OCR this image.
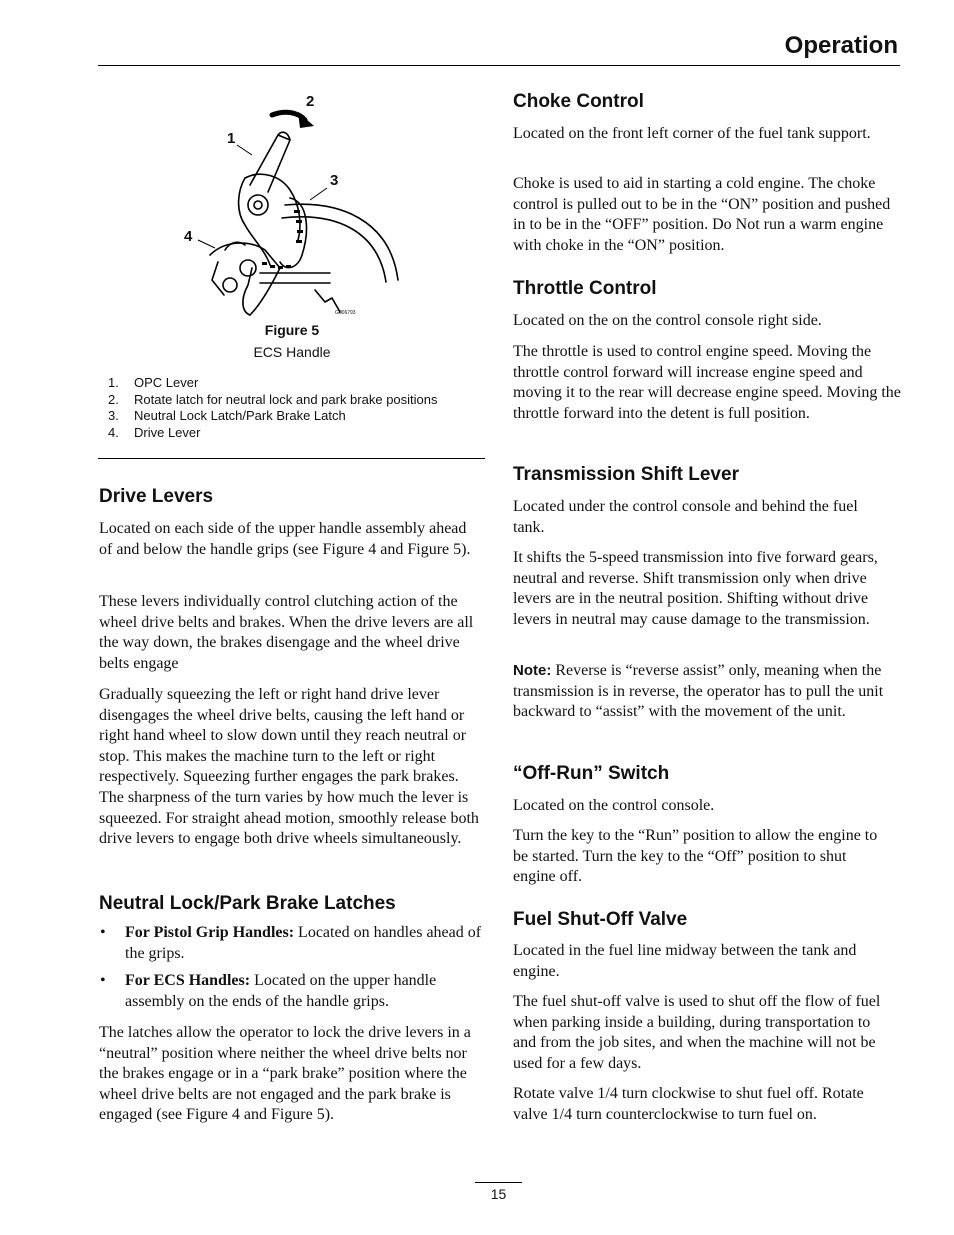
Operation
1
2
3
4
G006793
Figure 5
ECS Handle
1. OPC Lever
2. Rotate latch for neutral lock and park brake positions
3. Neutral Lock Latch/Park Brake Latch
4. Drive Lever
Drive Levers

Located on each side of the upper handle assembly ahead of and below the handle grips (see Figure 4 and Figure 5).

These levers individually control clutching action of the wheel drive belts and brakes. When the drive levers are all the way down, the brakes disengage and the wheel drive belts engage

Gradually squeezing the left or right hand drive lever disengages the wheel drive belts, causing the left hand or right hand wheel to slow down until they reach neutral or stop. This makes the machine turn to the left or right respectively. Squeezing further engages the park brakes. The sharpness of the turn varies by how much the lever is squeezed. For straight ahead motion, smoothly release both drive levers to engage both drive wheels simultaneously.

Neutral Lock/Park Brake Latches
• For Pistol Grip Handles: Located on handles ahead of the grips.
• For ECS Handles: Located on the upper handle assembly on the ends of the handle grips.

The latches allow the operator to lock the drive levers in a “neutral” position where neither the wheel drive belts nor the brakes engage or in a “park brake” position where the wheel drive belts are not engaged and the park brake is engaged (see Figure 4 and Figure 5).

Choke Control

Located on the front left corner of the fuel tank support.

Choke is used to aid in starting a cold engine. The choke control is pulled out to be in the “ON” position and pushed in to be in the “OFF” position. Do Not run a warm engine with choke in the “ON” position.

Throttle Control

Located on the on the control console right side.

The throttle is used to control engine speed. Moving the throttle control forward will increase engine speed and moving it to the rear will decrease engine speed. Moving the throttle forward into the detent is full position.

Transmission Shift Lever

Located under the control console and behind the fuel tank.

It shifts the 5-speed transmission into five forward gears, neutral and reverse. Shift transmission only when drive levers are in the neutral position. Shifting without drive levers in neutral may cause damage to the transmission.

Note: Reverse is “reverse assist” only, meaning when the transmission is in reverse, the operator has to pull the unit backward to “assist” with the movement of the unit.

“Off-Run” Switch

Located on the control console.

Turn the key to the “Run” position to allow the engine to be started. Turn the key to the “Off” position to shut engine off.

Fuel Shut-Off Valve

Located in the fuel line midway between the tank and engine.

The fuel shut-off valve is used to shut off the flow of fuel when parking inside a building, during transportation to and from the job sites, and when the machine will not be used for a few days.

Rotate valve 1/4 turn clockwise to shut fuel off. Rotate valve 1/4 turn counterclockwise to turn fuel on.

15
